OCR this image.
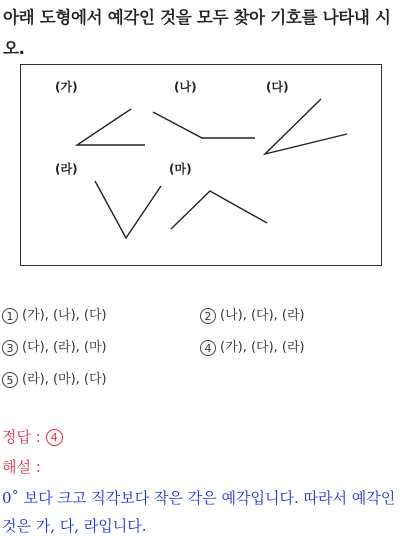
아래 도형에서 예각인 것을 모두 찾아 기호를 나타내 시오.
(가)	(나)	(다)
(라)	(마)
1 (가), (나), (다)	2 (나), (다), (라)
3 (다), (라), (마)	4 (가), (다), (라)
5 (라), (마), (다)
정답 : 4
해설 :
0˚ 보다 크고 직각보다 작은 각은 예각입니다. 따라서 예각인 것은 가, 다, 라입니다.
